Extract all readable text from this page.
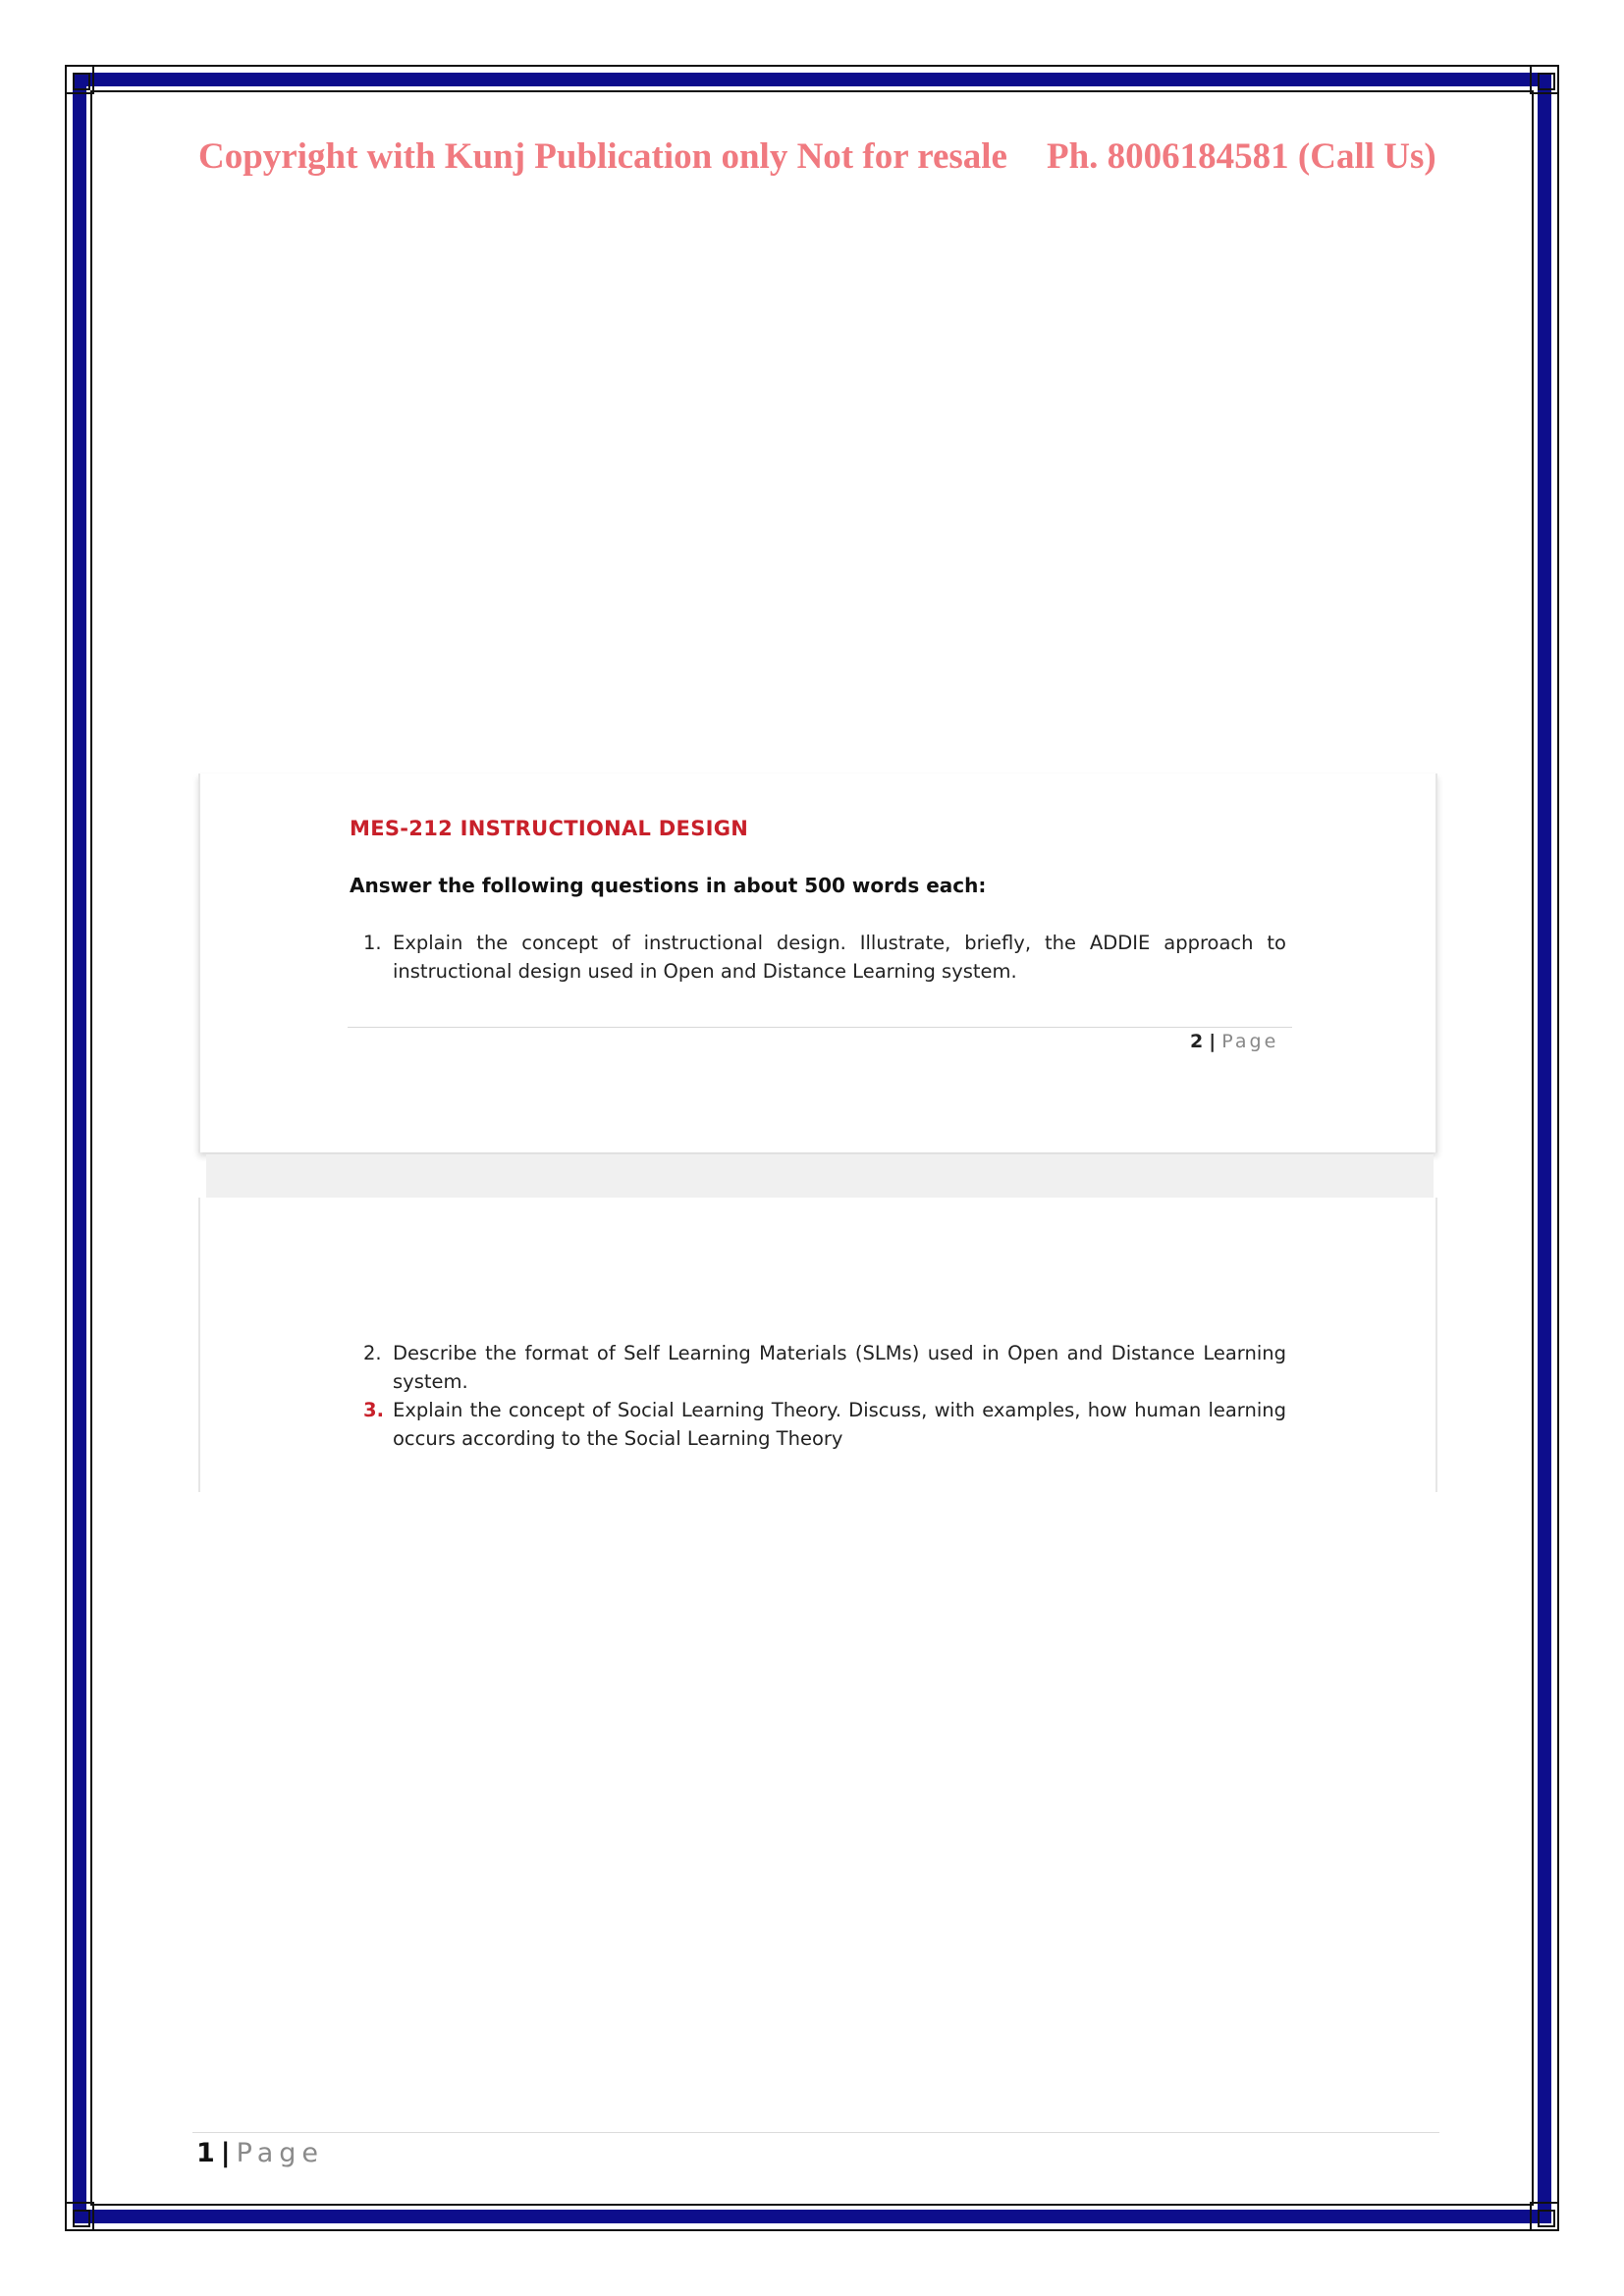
Copyright with Kunj Publication only Not for resale Ph. 8006184581 (Call Us)
MES-212 INSTRUCTIONAL DESIGN
Answer the following questions in about 500 words each:
1. Explain the concept of instructional design. Illustrate, briefly, the ADDIE approach to instructional design used in Open and Distance Learning system.
2 | Page
2. Describe the format of Self Learning Materials (SLMs) used in Open and Distance Learning system.
3. Explain the concept of Social Learning Theory. Discuss, with examples, how human learning occurs according to the Social Learning Theory
1 | Page
